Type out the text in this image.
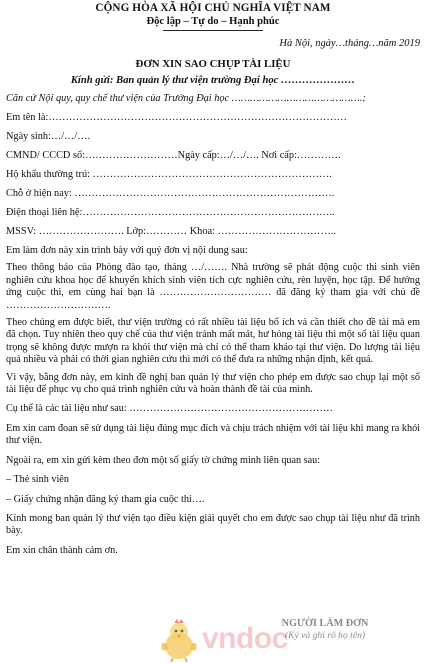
CỘNG HÒA XÃ HỘI CHỦ NGHĨA VIỆT NAM
Độc lập – Tự do – Hạnh phúc
Hà Nội, ngày…tháng…năm 2019
ĐƠN XIN SAO CHỤP TÀI LIỆU
Kính gửi: Ban quản lý thư viện trường Đại học …………………
Căn cứ Nội quy, quy chế thư viện của Trường Đại học …………………………………….;
Em tên là:……………………………………………………………………………
Ngày sinh:…/…/….
CMND/ CCCD số:………………………Ngày cấp:…/…/…. Nơi cấp:………….
Hộ khẩu thường trú: …………………………………………………………….
Chỗ ở hiện nay: ………………………………………………………………….
Điện thoại liên hệ:………………………………………………………………..
MSSV: ……………………. Lớp:………… Khoa: ……………………………..
Em làm đơn này xin trình bày với quý đơn vị nội dung sau:
Theo thông báo của Phòng đào tạo, tháng …/……. Nhà trường sẽ phát động cuộc thi sinh viên nghiên cứu khoa học để khuyến khích sinh viên tích cực nghiên cứu, rèn luyện, học tập. Để hưởng ứng cuộc thi, em cùng hai bạn là …………………………… đã đăng ký tham gia với chủ đề ………………………….
Theo chúng em được biết, thư viện trường có rất nhiều tài liệu bổ ích và cần thiết cho đề tài mà em đã chọn. Tuy nhiên theo quy chế của thư viện tránh mất mát, hư hỏng tài liệu thì một số tài liệu quan trọng sẽ không được mượn ra khỏi thư viện mà chỉ có thể tham khảo tại thư viện. Do lượng tài liệu quá nhiều và phải có thời gian nghiên cứu thì mới có thể đưa ra những nhận định, kết quả.
Vì vậy, bằng đơn này, em kính đề nghị ban quản lý thư viện cho phép em được sao chụp lại một số tài liệu để phục vụ cho quá trình nghiên cứu và hoàn thành đề tài của mình.
Cụ thể là các tài liệu như sau: ……………………………………………………
Em xin cam đoan sẽ sử dụng tài liệu đúng mục đích và chịu trách nhiệm với tài liệu khi mang ra khỏi thư viện.
Ngoài ra, em xin gửi kèm theo đơn một số giấy tờ chứng minh liên quan sau:
– Thẻ sinh viên
– Giấy chứng nhận đăng ký tham gia cuộc thi….
Kính mong ban quản lý thư viện tạo điều kiện giải quyết cho em được sao chụp tài liệu như đã trình bày.
Em xin chân thành cảm ơn.
vndoc
NGƯỜI LÀM ĐƠN
(Ký và ghi rõ họ tên)
